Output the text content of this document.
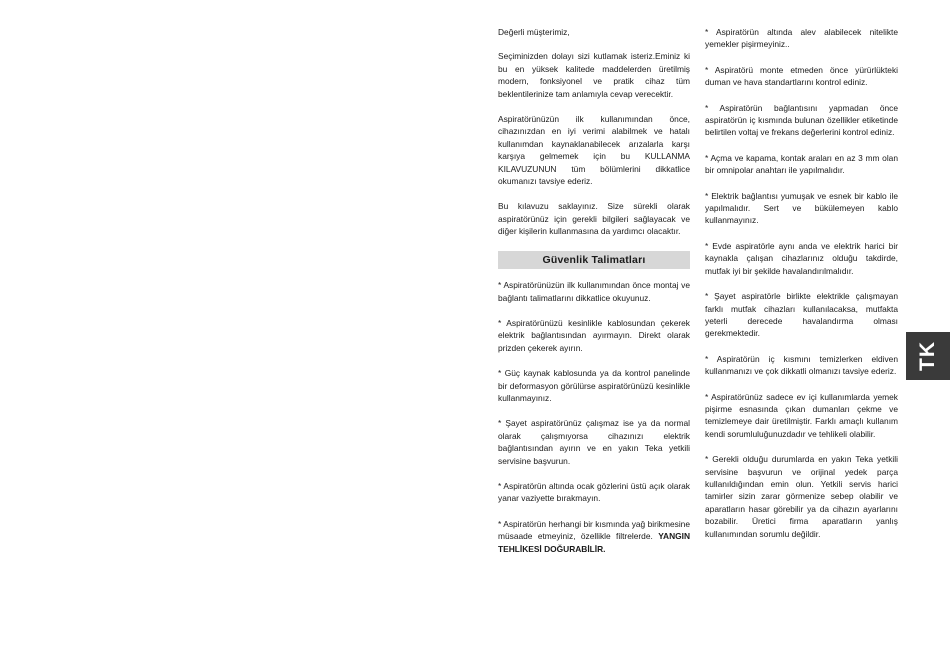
Değerli müşterimiz,

Seçiminizden dolayı sizi kutlamak isteriz.Eminiz ki bu en yüksek kalitede maddelerden üretilmiş modern, fonksiyonel ve pratik cihaz tüm beklentilerinize tam anlamıyla cevap verecektir.

Aspiratörünüzün ilk kullanımından önce, cihazınızdan en iyi verimi alabilmek ve hatalı kullanımdan kaynaklanabilecek arızalarla karşı karşıya gelmemek için bu KULLANMA KILAVUZUNUN tüm bölümlerini dikkatlice okumanızı tavsiye ederiz.

Bu kılavuzu saklayınız. Size sürekli olarak aspiratörünüz için gerekli bilgileri sağlayacak ve diğer kişilerin kullanmasına da yardımcı olacaktır.

Güvenlik Talimatları

* Aspiratörünüzün ilk kullanımından önce montaj ve bağlantı talimatlarını dikkatlice okuyunuz.

* Aspiratörünüzü kesinlikle kablosundan çekerek elektrik bağlantısından ayırmayın. Direkt olarak prizden çekerek ayırın.

* Güç kaynak kablosunda ya da kontrol panelinde bir deformasyon görülürse aspiratörünüzü kesinlikle kullanmayınız.

* Şayet aspiratörünüz çalışmaz ise ya da normal olarak çalışmıyorsa cihazınızı elektrik bağlantısından ayırın ve en yakın Teka yetkili servisine başvurun.

* Aspiratörün altında ocak gözlerini üstü açık olarak yanar vaziyette bırakmayın.

* Aspiratörün herhangi bir kısmında yağ birikmesine müsaade etmeyiniz, özellikle filtrelerde. YANGIN TEHLİKESİ DOĞURABİLİR.

* Aspiratörün altında alev alabilecek nitelikte yemekler pişirmeyiniz..

* Aspiratörü monte etmeden önce yürürlükteki duman ve hava standartlarını kontrol ediniz.

* Aspiratörün bağlantısını yapmadan önce aspiratörün iç kısmında bulunan özellikler etiketinde belirtilen voltaj ve frekans değerlerini kontrol ediniz.

* Açma ve kapama, kontak araları en az 3 mm olan bir omnipolar anahtarı ile yapılmalıdır.

* Elektrik bağlantısı yumuşak ve esnek bir kablo ile yapılmalıdır. Sert ve bükülemeyen kablo kullanmayınız.

* Evde aspiratörle aynı anda ve elektrik harici bir kaynakla çalışan cihazlarınız olduğu takdirde, mutfak iyi bir şekilde havalandırılmalıdır.

* Şayet aspiratörle birlikte elektrikle çalışmayan farklı mutfak cihazları kullanılacaksa, mutfakta yeterli derecede havalandırma olması gerekmektedir.

* Aspiratörün iç kısmını temizlerken eldiven kullanmanızı ve çok dikkatli olmanızı tavsiye ederiz.

* Aspiratörünüz sadece ev içi kullanımlarda yemek pişirme esnasında çıkan dumanları çekme ve temizlemeye dair üretilmiştir. Farklı amaçlı kullanım kendi sorumluluğunuzdadır ve tehlikeli olabilir.

* Gerekli olduğu durumlarda en yakın Teka yetkili servisine başvurun ve orijinal yedek parça kullanıldığından emin olun. Yetkili servis harici tamirler sizin zarar görmenize sebep olabilir ve aparatların hasar görebilir ya da cihazın ayarlarını bozabilir. Üretici firma aparatların yanlış kullanımından sorumlu değildir.

TK
